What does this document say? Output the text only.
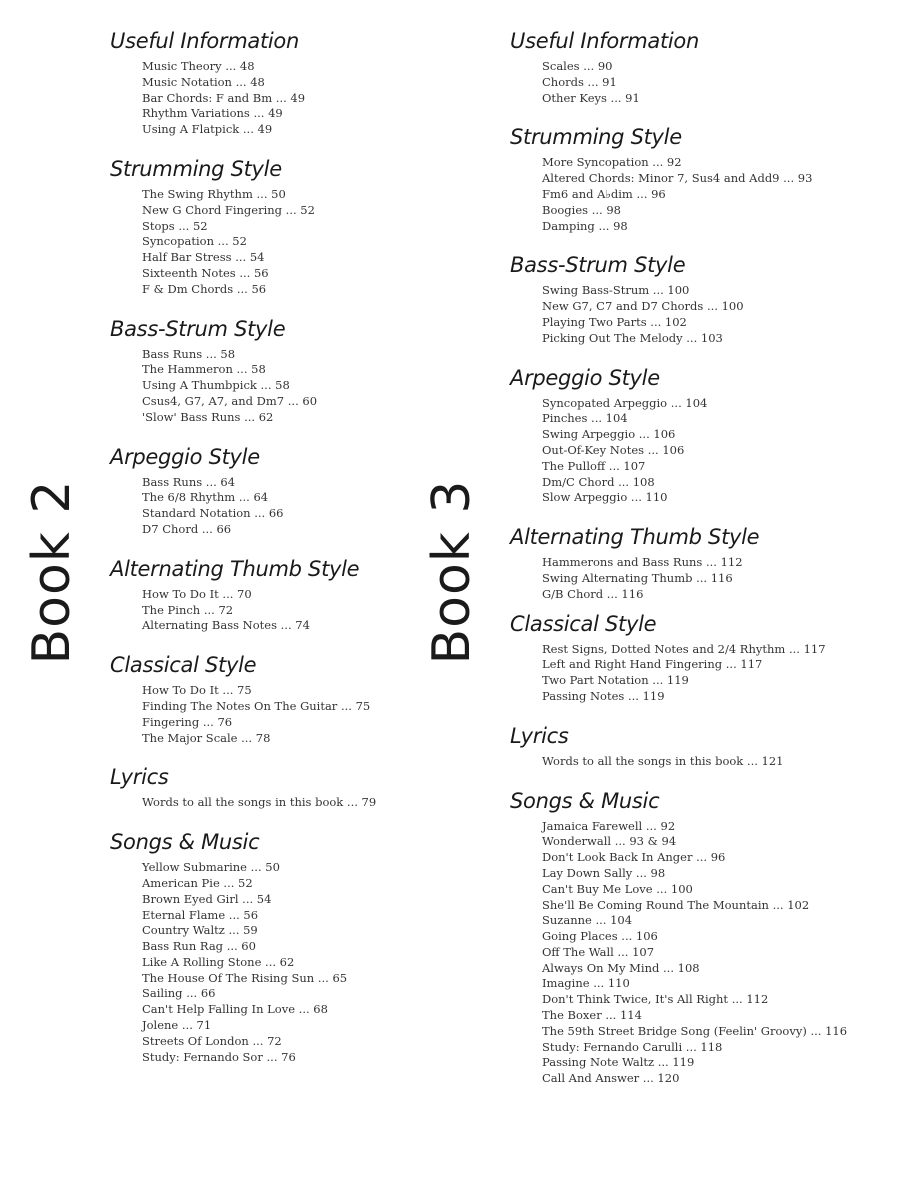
Book 2	Book 3
Useful Information
Music Theory ... 48
Music Notation ... 48
Bar Chords: F and Bm ... 49
Rhythm Variations ... 49
Using A Flatpick ... 49
Strumming Style
The Swing Rhythm ... 50
New G Chord Fingering ... 52
Stops ... 52
Syncopation ... 52
Half Bar Stress ... 54
Sixteenth Notes ... 56
F & Dm Chords ... 56
Bass-Strum Style
Bass Runs ... 58
The Hammeron ... 58
Using A Thumbpick ... 58
Csus4, G7, A7, and Dm7 ... 60
'Slow' Bass Runs ... 62
Arpeggio Style
Bass Runs ... 64
The 6/8 Rhythm ... 64
Standard Notation ... 66
D7 Chord ... 66
Alternating Thumb Style
How To Do It ... 70
The Pinch ... 72
Alternating Bass Notes ... 74
Classical Style
How To Do It ... 75
Finding The Notes On The Guitar ... 75
Fingering ... 76
The Major Scale ... 78
Lyrics
Words to all the songs in this book ... 79
Songs & Music
Yellow Submarine ... 50
American Pie ... 52
Brown Eyed Girl ... 54
Eternal Flame ... 56
Country Waltz ... 59
Bass Run Rag ... 60
Like A Rolling Stone ... 62
The House Of The Rising Sun ... 65
Sailing ... 66
Can't Help Falling In Love ... 68
Jolene ... 71
Streets Of London ... 72
Study: Fernando Sor ... 76
Useful Information
Scales ... 90
Chords ... 91
Other Keys ... 91
Strumming Style
More Syncopation ... 92
Altered Chords: Minor 7, Sus4 and Add9 ... 93
Fm6 and A♭dim ... 96
Boogies ... 98
Damping ... 98
Bass-Strum Style
Swing Bass-Strum ... 100
New G7, C7 and D7 Chords ... 100
Playing Two Parts ... 102
Picking Out The Melody ... 103
Arpeggio Style
Syncopated Arpeggio ... 104
Pinches ... 104
Swing Arpeggio ... 106
Out-Of-Key Notes ... 106
The Pulloff ... 107
Dm/C Chord ... 108
Slow Arpeggio ... 110
Alternating Thumb Style
Hammerons and Bass Runs ... 112
Swing Alternating Thumb ... 116
G/B Chord ... 116
Classical Style
Rest Signs, Dotted Notes and 2/4 Rhythm ... 117
Left and Right Hand Fingering ... 117
Two Part Notation ... 119
Passing Notes ... 119
Lyrics
Words to all the songs in this book ... 121
Songs & Music
Jamaica Farewell ... 92
Wonderwall ... 93 & 94
Don't Look Back In Anger ... 96
Lay Down Sally ... 98
Can't Buy Me Love ... 100
She'll Be Coming Round The Mountain ... 102
Suzanne ... 104
Going Places ... 106
Off The Wall ... 107
Always On My Mind ... 108
Imagine ... 110
Don't Think Twice, It's All Right ... 112
The Boxer ... 114
The 59th Street Bridge Song (Feelin' Groovy) ... 116
Study: Fernando Carulli ... 118
Passing Note Waltz ... 119
Call And Answer ... 120
